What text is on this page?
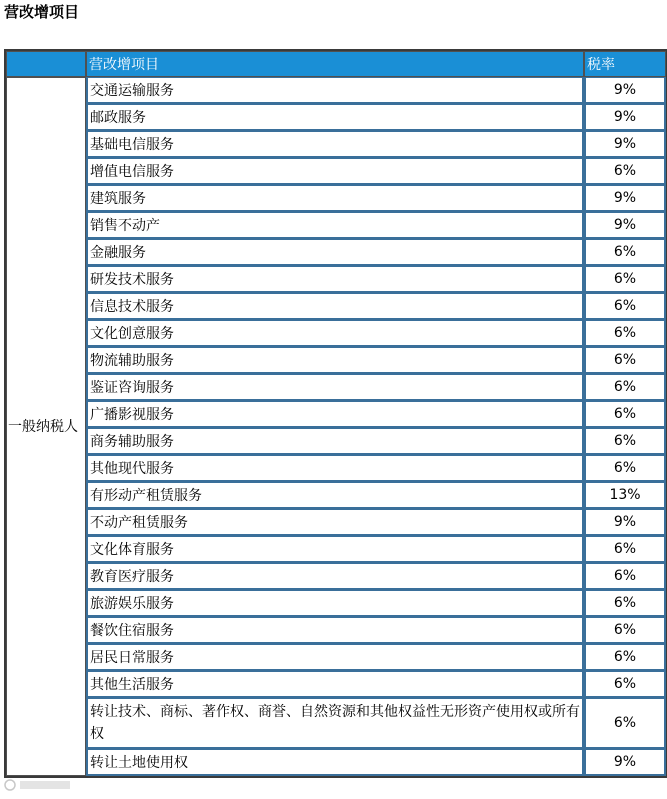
营改增项目
	营改增项目	税率
一般纳税人	交通运输服务	9%
	邮政服务	9%
	基础电信服务	9%
	增值电信服务	6%
	建筑服务	9%
	销售不动产	9%
	金融服务	6%
	研发技术服务	6%
	信息技术服务	6%
	文化创意服务	6%
	物流辅助服务	6%
	鉴证咨询服务	6%
	广播影视服务	6%
	商务辅助服务	6%
	其他现代服务	6%
	有形动产租赁服务	13%
	不动产租赁服务	9%
	文化体育服务	6%
	教育医疗服务	6%
	旅游娱乐服务	6%
	餐饮住宿服务	6%
	居民日常服务	6%
	其他生活服务	6%
	转让技术、商标、著作权、商誉、自然资源和其他权益性无形资产使用权或所有权	6%
	转让土地使用权	9%
